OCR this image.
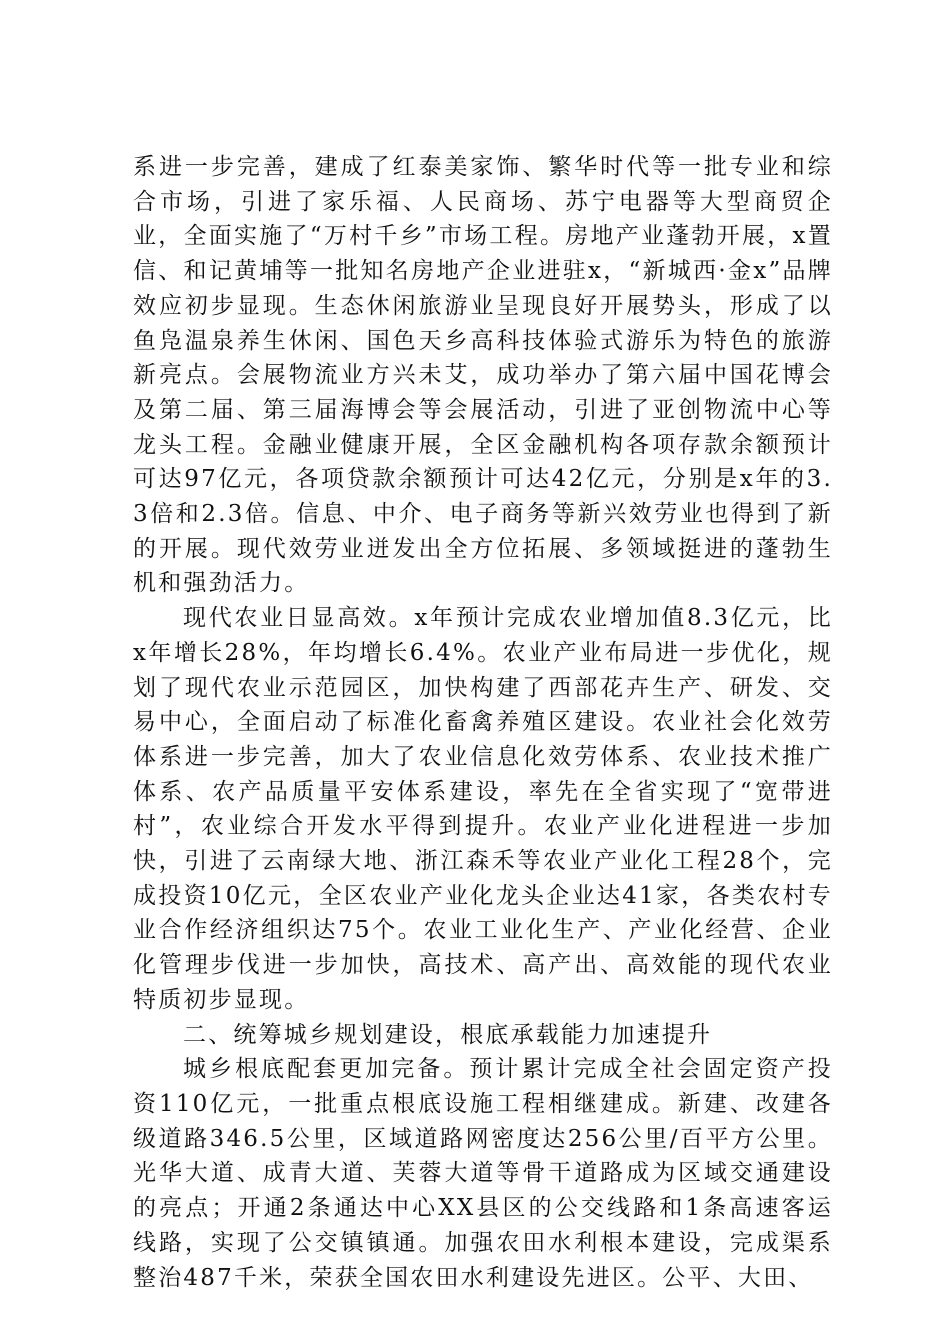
系进一步完善，建成了红泰美家饰、繁华时代等一批专业和综合市场，引进了家乐福、人民商场、苏宁电器等大型商贸企业，全面实施了“万村千乡”市场工程。房地产业蓬勃开展，x置信、和记黄埔等一批知名房地产企业进驻x，“新城西·金x”品牌效应初步显现。生态休闲旅游业呈现良好开展势头，形成了以鱼凫温泉养生休闲、国色天乡高科技体验式游乐为特色的旅游新亮点。会展物流业方兴未艾，成功举办了第六届中国花博会及第二届、第三届海博会等会展活动，引进了亚创物流中心等龙头工程。金融业健康开展，全区金融机构各项存款余额预计可达97亿元，各项贷款余额预计可达42亿元，分别是x年的3.3倍和2.3倍。信息、中介、电子商务等新兴效劳业也得到了新的开展。现代效劳业迸发出全方位拓展、多领域挺进的蓬勃生机和强劲活力。

现代农业日显高效。x年预计完成农业增加值8.3亿元，比x年增长28%，年均增长6.4%。农业产业布局进一步优化，规划了现代农业示范园区，加快构建了西部花卉生产、研发、交易中心，全面启动了标准化畜禽养殖区建设。农业社会化效劳体系进一步完善，加大了农业信息化效劳体系、农业技术推广体系、农产品质量平安体系建设，率先在全省实现了“宽带进村”，农业综合开发水平得到提升。农业产业化进程进一步加快，引进了云南绿大地、浙江森禾等农业产业化工程28个，完成投资10亿元，全区农业产业化龙头企业达41家，各类农村专业合作经济组织达75个。农业工业化生产、产业化经营、企业化管理步伐进一步加快，高技术、高产出、高效能的现代农业特质初步显现。

二、统筹城乡规划建设，根底承载能力加速提升

城乡根底配套更加完备。预计累计完成全社会固定资产投资110亿元，一批重点根底设施工程相继建成。新建、改建各级道路346.5公里，区域道路网密度达256公里/百平方公里。光华大道、成青大道、芙蓉大道等骨干道路成为区域交通建设的亮点；开通2条通达中心XX县区的公交线路和1条高速客运线路，实现了公交镇镇通。加强农田水利根本建设，完成渠系整治487千米，荣获全国农田水利建设先进区。公平、大田、
